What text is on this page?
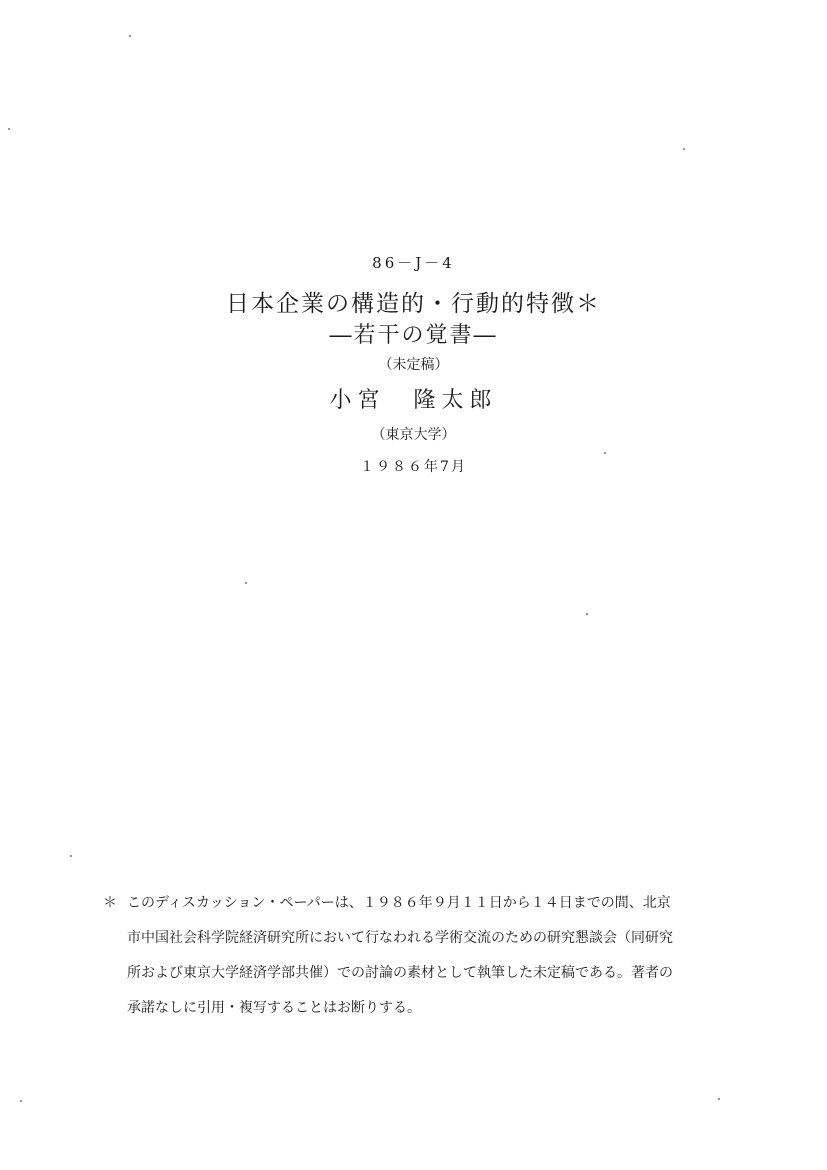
86－J－4
日本企業の構造的・行動的特徴＊
―若干の覚書―
（未定稿）
小宮　隆太郎
（東京大学）
１９８６年7月
＊ このディスカッション・ペーパーは、１９８６年９月１１日から１４日までの間、北京
市中国社会科学院経済研究所において行なわれる学術交流のための研究懇談会（同研究
所および東京大学経済学部共催）での討論の素材として執筆した未定稿である。著者の
承諾なしに引用・複写することはお断りする。
